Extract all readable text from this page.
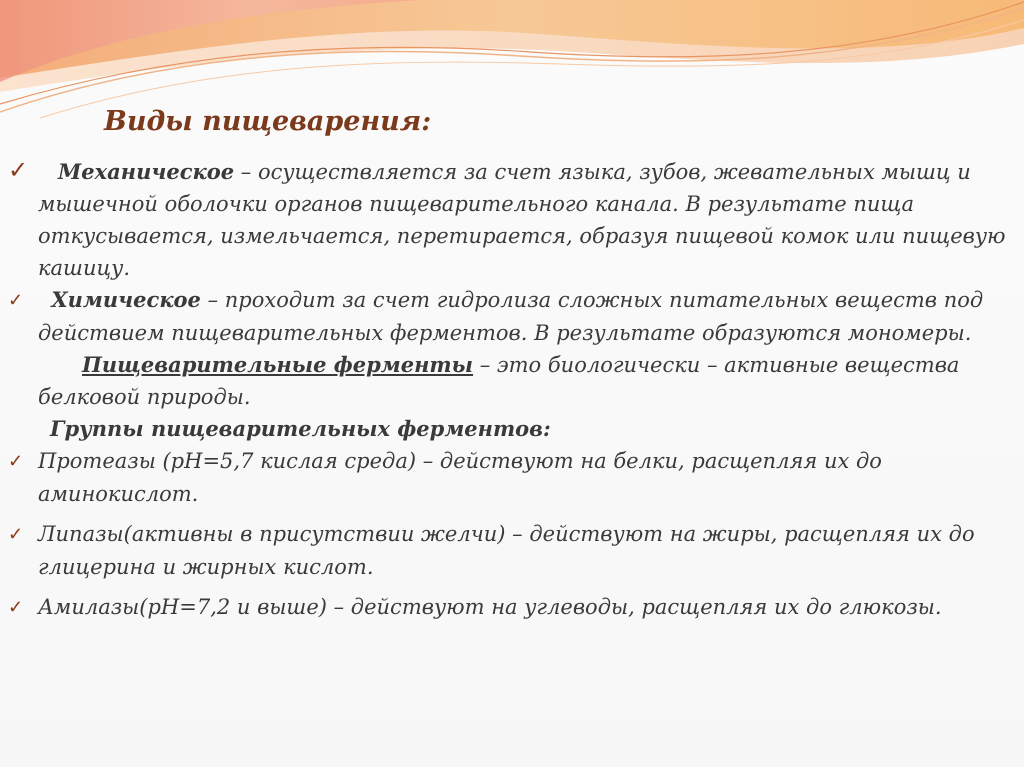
Виды пищеварения:
✓ Механическое – осуществляется за счет языка, зубов, жевательных мышц и
мышечной оболочки органов пищеварительного канала. В результате пища
откусывается, измельчается, перетирается, образуя пищевой комок или пищевую
кашицу.
✓ Химическое – проходит за счет гидролиза сложных питательных веществ под
действием пищеварительных ферментов. В результате образуются мономеры.
Пищеварительные ферменты – это биологически – активные вещества
белковой природы.
Группы пищеварительных ферментов:
✓ Протеазы (рН=5,7 кислая среда) – действуют на белки, расщепляя их до
аминокислот.
✓ Липазы(активны в присутствии желчи) – действуют на жиры, расщепляя их до
глицерина и жирных кислот.
✓ Амилазы(рН=7,2 и выше) – действуют на углеводы, расщепляя их до глюкозы.
